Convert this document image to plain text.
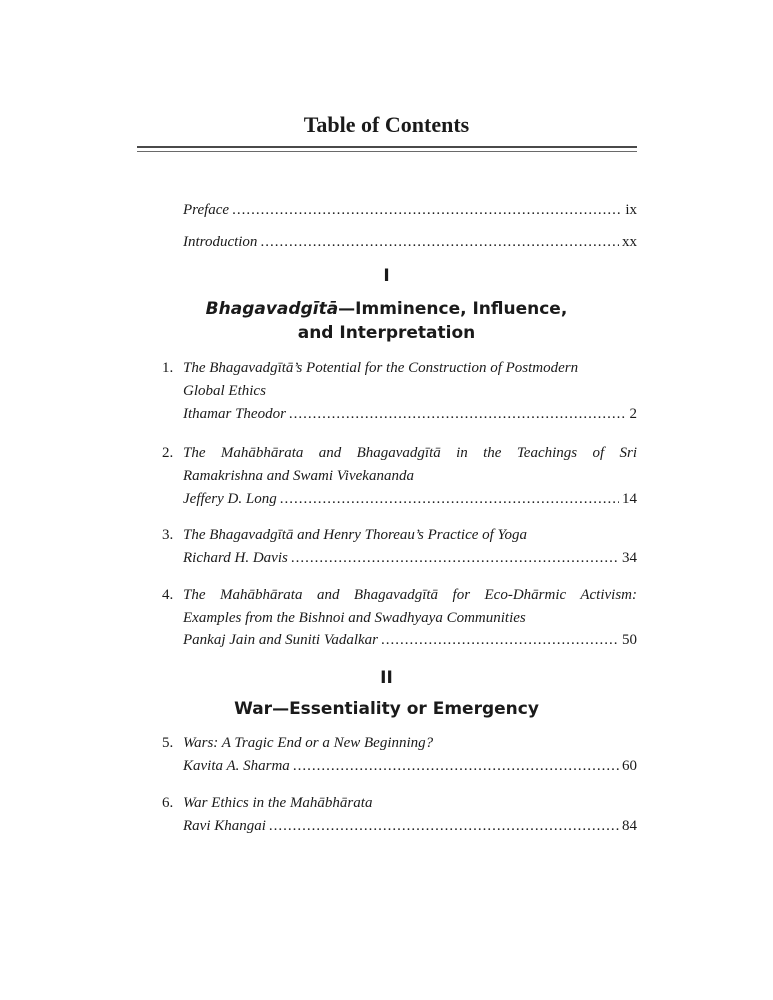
Table of Contents
Preface .....	ix
Introduction .....	xx
I
Bhagavadgītā—Imminence, Influence,
and Interpretation
1. The Bhagavadgītā’s Potential for the Construction of Postmodern
Global Ethics
Ithamar Theodor .....	2
2. The Mahābhārata and Bhagavadgītā in the Teachings of Sri
Ramakrishna and Swami Vivekananda
Jeffery D. Long .....	14
3. The Bhagavadgītā and Henry Thoreau’s Practice of Yoga
Richard H. Davis .....	34
4. The Mahābhārata and Bhagavadgītā for Eco-Dhārmic Activism:
Examples from the Bishnoi and Swadhyaya Communities
Pankaj Jain and Suniti Vadalkar .....	50
II
War—Essentiality or Emergency
5. Wars: A Tragic End or a New Beginning?
Kavita A. Sharma .....	60
6. War Ethics in the Mahābhārata
Ravi Khangai .....	84
